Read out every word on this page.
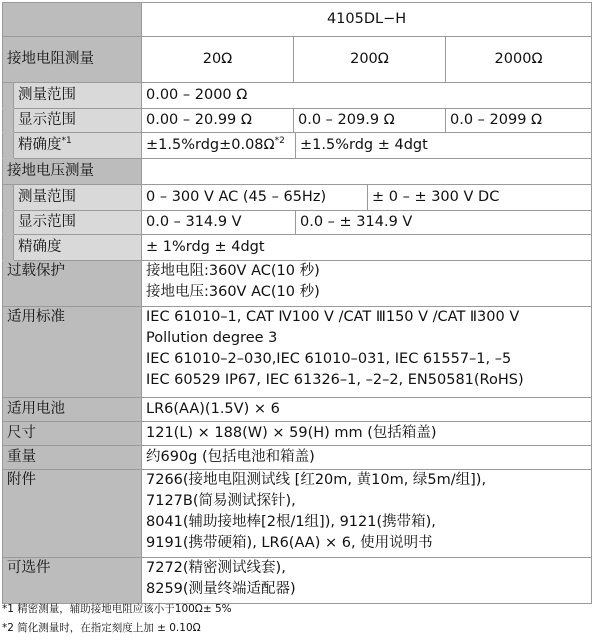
		4105DL−H				
接地电阻测量		20Ω	200Ω			2000Ω
	测量范围	0.00 – 2000 Ω				
	显示范围	0.00 – 20.99 Ω	0.0 – 209.9 Ω			0.0 – 2099 Ω
	精确度$^{*1}$	$\pm 1.5\%rdg\pm 0.08\Omega^{*2}$		±1.5%rdg ± 4dgt		
接地电压测量						
	测量范围	0 – 300 V AC (45 – 65Hz)			± 0 – ± 300 V DC	
	显示范围	0.0 – 314.9 V		0.0 – ± 314.9 V		
	精确度	± 1%rdg ± 4dgt				
过载保护		接地电阻:360V AC(10 秒)
接地电压:360V AC(10 秒)				

适用标准		IEC 61010–1, CAT Ⅳ100 V /CAT Ⅲ150 V /CAT Ⅱ300 V
Pollution degree 3
IEC 61010–2–030,IEC 61010–031, IEC 61557–1, –5
IEC 60529 IP67, IEC 61326–1, –2–2, EN50581(RoHS)				

适用电池		LR6(AA)(1.5V) × 6				
尺寸		121(L) × 188(W) × 59(H) mm (包括箱盖)				
重量		约690g (包括电池和箱盖)				
附件		7266(接地电阻测试线 [红20m, 黄10m, 绿5m/组]),
7127B(简易测试探针),
8041(辅助接地棒[2根/1组]), 9121(携带箱),
9191(携带硬箱), LR6(AA) × 6, 使用说明书				

可选件		7272(精密测试线套),
8259(测量终端适配器)				
*1 精密测量，辅助接地电阻应该小于100Ω± 5%
*2 简化测量时，在指定刻度上加 ± 0.10Ω
